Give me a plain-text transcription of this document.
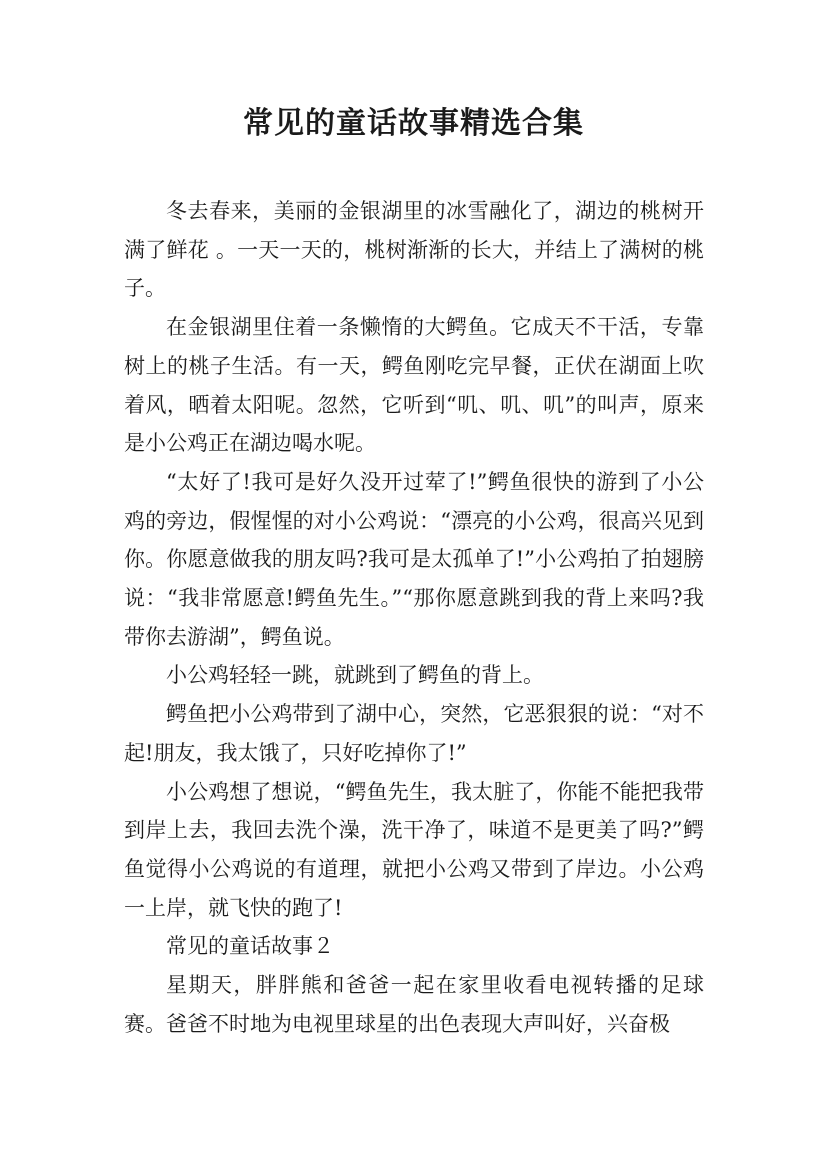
常见的童话故事精选合集

冬去春来，美丽的金银湖里的冰雪融化了，湖边的桃树开满了鲜花 。一天一天的，桃树渐渐的长大，并结上了满树的桃子。

在金银湖里住着一条懒惰的大鳄鱼。它成天不干活，专靠树上的桃子生活。有一天，鳄鱼刚吃完早餐，正伏在湖面上吹着风，晒着太阳呢。忽然，它听到“叽、叽、叽”的叫声，原来是小公鸡正在湖边喝水呢。

“太好了!我可是好久没开过荤了!”鳄鱼很快的游到了小公鸡的旁边，假惺惺的对小公鸡说：“漂亮的小公鸡，很高兴见到你。你愿意做我的朋友吗?我可是太孤单了!”小公鸡拍了拍翅膀说：“我非常愿意!鳄鱼先生。”“那你愿意跳到我的背上来吗?我带你去游湖”，鳄鱼说。

小公鸡轻轻一跳，就跳到了鳄鱼的背上。

鳄鱼把小公鸡带到了湖中心，突然，它恶狠狠的说：“对不起!朋友，我太饿了，只好吃掉你了!”

小公鸡想了想说，“鳄鱼先生，我太脏了，你能不能把我带到岸上去，我回去洗个澡，洗干净了，味道不是更美了吗?”鳄鱼觉得小公鸡说的有道理，就把小公鸡又带到了岸边。小公鸡一上岸，就飞快的跑了!

常见的童话故事２

星期天，胖胖熊和爸爸一起在家里收看电视转播的足球赛。爸爸不时地为电视里球星的出色表现大声叫好，兴奋极
